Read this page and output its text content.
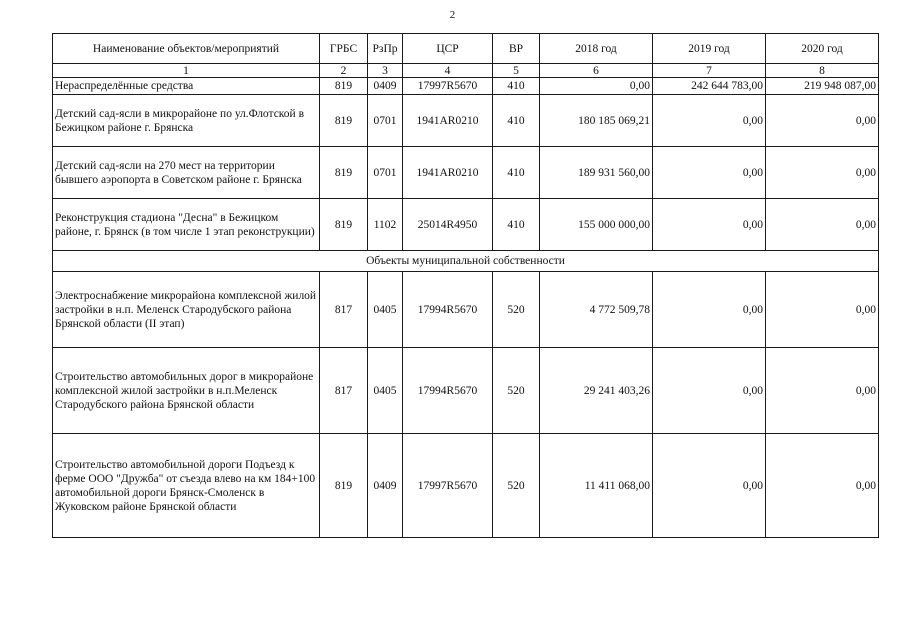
2
Наименование объектов/мероприятий	ГРБС	РзПр	ЦСР	ВР	2018 год	2019 год	2020 год
1	2	3	4	5	6	7	8
Нераспределённые средства	819	0409	17997R5670	410	0,00	242 644 783,00	219 948 087,00
Детский сад-ясли в микрорайоне по ул.Флотской в Бежицком районе г. Брянска	819	0701	1941AR0210	410	180 185 069,21	0,00	0,00
Детский сад-ясли на 270 мест на территории бывшего аэропорта в Советском районе г. Брянска	819	0701	1941AR0210	410	189 931 560,00	0,00	0,00
Реконструкция стадиона "Десна" в Бежицком районе, г. Брянск (в том числе 1 этап реконструкции)	819	1102	25014R4950	410	155 000 000,00	0,00	0,00
Объекты муниципальной собственности							
Электроснабжение микрорайона комплексной жилой застройки в н.п. Меленск Стародубского района Брянской области (II этап)	817	0405	17994R5670	520	4 772 509,78	0,00	0,00
Строительство автомобильных дорог в микрорайоне комплексной жилой застройки в н.п.Меленск Стародубского района Брянской области	817	0405	17994R5670	520	29 241 403,26	0,00	0,00
Строительство автомобильной дороги Подъезд к ферме ООО "Дружба" от съезда влево на км 184+100 автомобильной дороги Брянск-Смоленск в Жуковском районе Брянской области	819	0409	17997R5670	520	11 411 068,00	0,00	0,00
